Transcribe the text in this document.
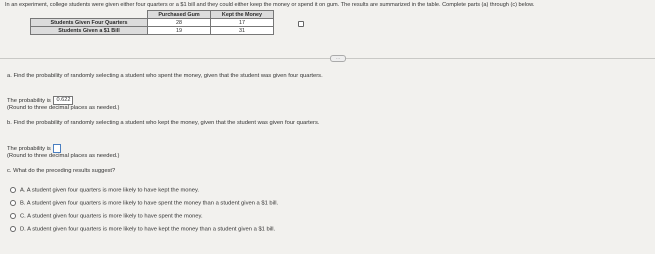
In an experiment, college students were given either four quarters or a $1 bill and they could either keep the money or spend it on gum. The results are summarized in the table. Complete parts (a) through (c) below.
	Purchased Gum	Kept the Money
Students Given Four Quarters	28	17
Students Given a $1 Bill	19	31
···
a. Find the probability of randomly selecting a student who spent the money, given that the student was given four quarters.
The probability is 0.622
(Round to three decimal places as needed.)
b. Find the probability of randomly selecting a student who kept the money, given that the student was given four quarters.
The probability is
(Round to three decimal places as needed.)
c. What do the preceding results suggest?
A. A student given four quarters is more likely to have kept the money.
B. A student given four quarters is more likely to have spent the money than a student given a $1 bill.
C. A student given four quarters is more likely to have spent the money.
D. A student given four quarters is more likely to have kept the money than a student given a $1 bill.
